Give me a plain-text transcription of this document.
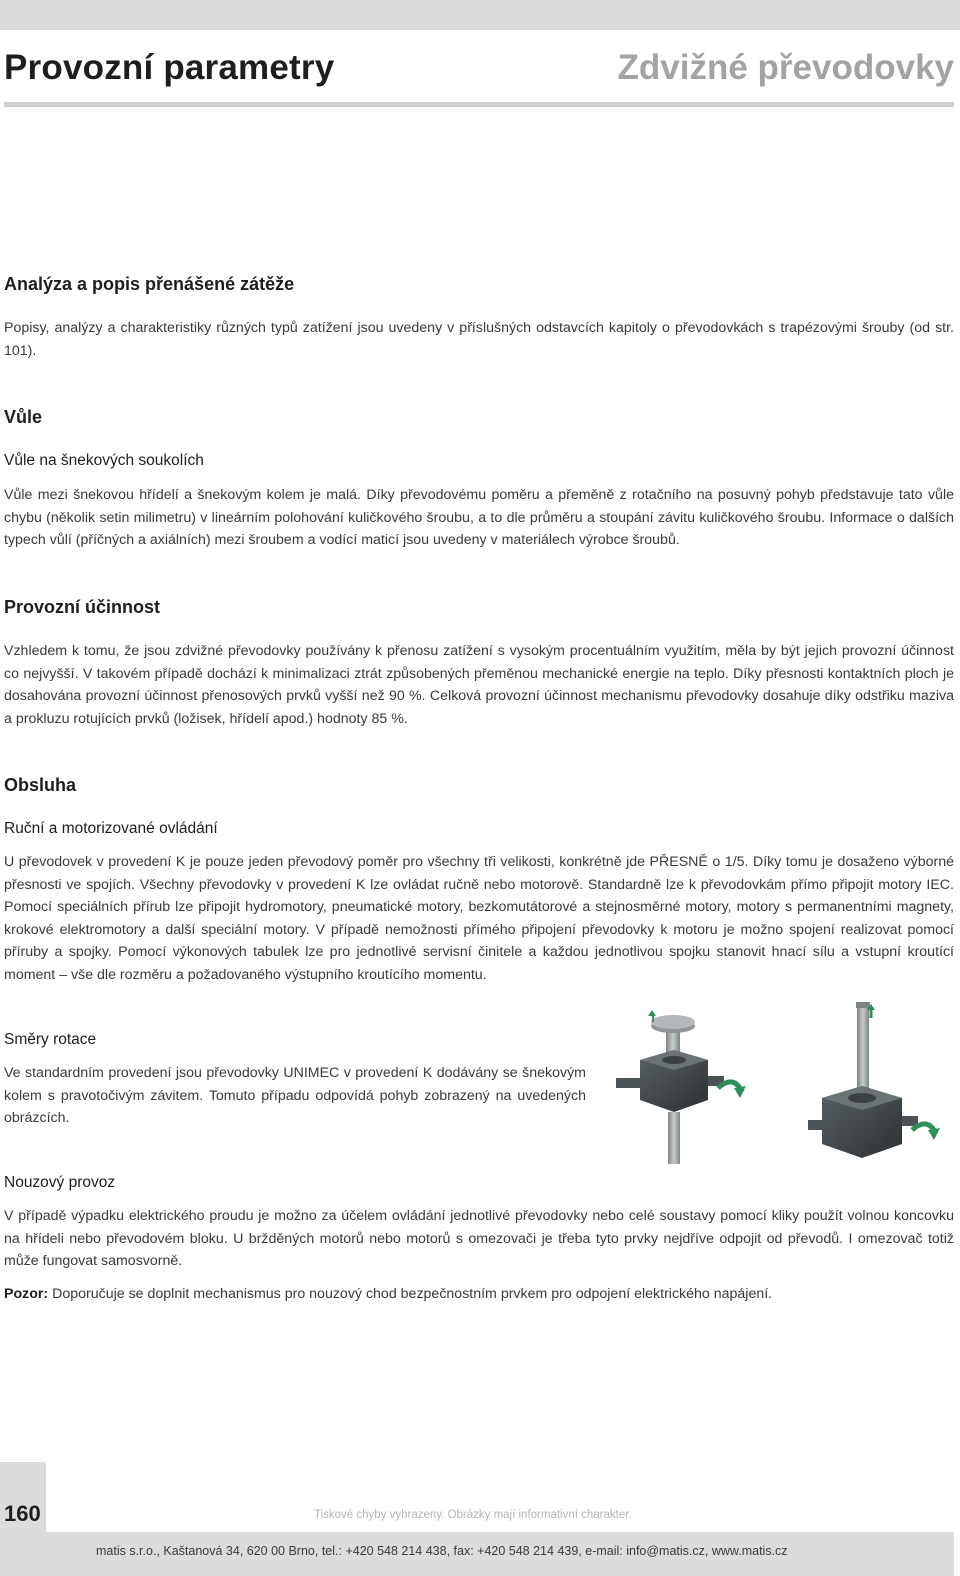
Provozní parametry	Zdvižné převodovky
Analýza a popis přenášené zátěže
Popisy, analýzy a charakteristiky různých typů zatížení jsou uvedeny v příslušných odstavcích kapitoly o převodovkách s trapézovými šrouby (od str. 101).
Vůle
Vůle na šnekových soukolích
Vůle mezi šnekovou hřídelí a šnekovým kolem je malá. Díky převodovému poměru a přeměně z rotačního na posuvný pohyb představuje tato vůle chybu (několik setin milimetru) v lineárním polohování kuličkového šroubu, a to dle průměru a stoupání závitu kuličkového šroubu. Informace o dalších typech vůlí (příčných a axiálních) mezi šroubem a vodící maticí jsou uvedeny v materiálech výrobce šroubů.
Provozní účinnost
Vzhledem k tomu, že jsou zdvižné převodovky používány k přenosu zatížení s vysokým procentuálním využitím, měla by být jejich provozní účinnost co nejvyšší. V takovém případě dochází k minimalizaci ztrát způsobených přeměnou mechanické energie na teplo. Díky přesnosti kontaktních ploch je dosahována provozní účinnost přenosových prvků vyšší než 90 %. Celková provozní účinnost mechanismu převodovky dosahuje díky odstřiku maziva a prokluzu rotujících prvků (ložisek, hřídelí apod.) hodnoty 85 %.
Obsluha
Ruční a motorizované ovládání
U převodovek v provedení K je pouze jeden převodový poměr pro všechny tři velikosti, konkrétně jde PŘESNĚ o 1/5. Díky tomu je dosaženo výborné přesnosti ve spojích. Všechny převodovky v provedení K lze ovládat ručně nebo motorově. Standardně lze k převodovkám přímo připojit motory IEC. Pomocí speciálních přírub lze připojit hydromotory, pneumatické motory, bezkomutátorové a stejnosměrné motory, motory s permanentními magnety, krokové elektromotory a další speciální motory. V případě nemožnosti přímého připojení převodovky k motoru je možno spojení realizovat pomocí příruby a spojky. Pomocí výkonových tabulek lze pro jednotlivé servisní činitele a každou jednotlivou spojku stanovit hnací sílu a vstupní kroutící moment – vše dle rozměru a požadovaného výstupního kroutícího momentu.
Směry rotace
Ve standardním provedení jsou převodovky UNIMEC v provedení K dodávány se šnekovým kolem s pravotočivým závitem. Tomuto případu odpovídá pohyb zobrazený na uvedených obrázcích.
Nouzový provoz
V případě výpadku elektrického proudu je možno za účelem ovládání jednotlivé převodovky nebo celé soustavy pomocí kliky použít volnou koncovku na hřídeli nebo převodovém bloku. U bržděných motorů nebo motorů s omezovači je třeba tyto prvky nejdříve odpojit od převodů. I omezovač totiž může fungovat samosvorně.
Pozor: Doporučuje se doplnit mechanismus pro nouzový chod bezpečnostním prvkem pro odpojení elektrického napájení.
160	Tiskové chyby vyhrazeny. Obrázky mají informativní charakter.
matis s.r.o., Kaštanová 34, 620 00 Brno, tel.: +420 548 214 438, fax: +420 548 214 439, e-mail: info@matis.cz, www.matis.cz
